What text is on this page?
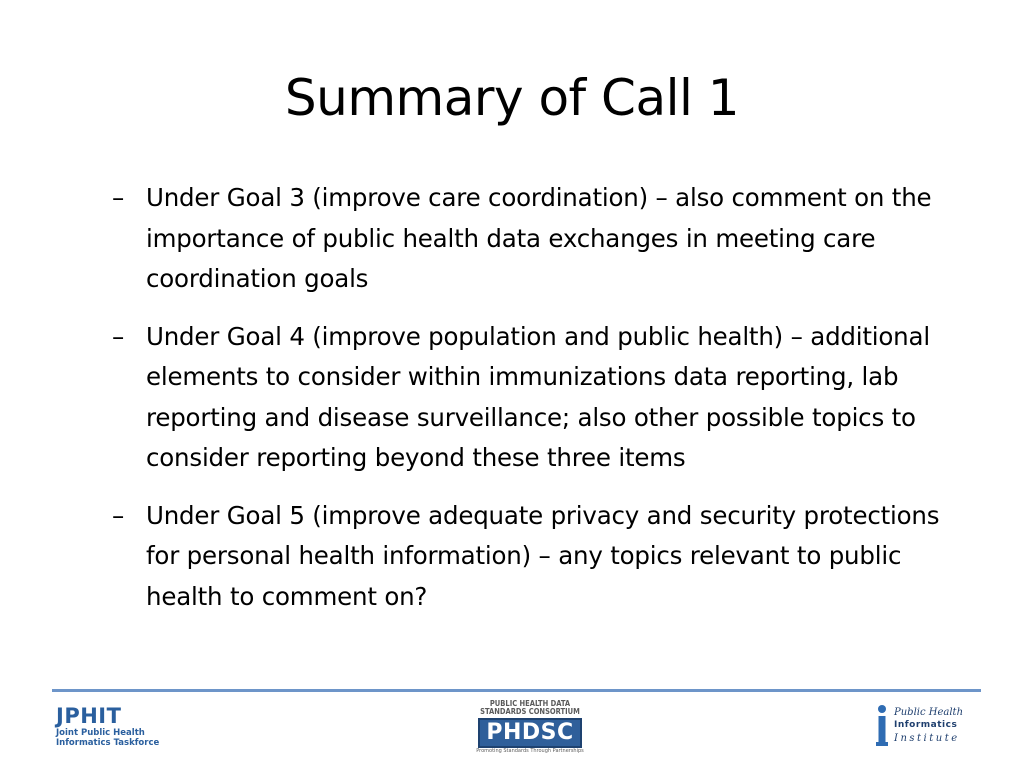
Summary of Call 1
– Under Goal 3 (improve care coordination) – also comment on the importance of public health data exchanges in meeting care coordination goals
– Under Goal 4 (improve population and public health) – additional elements to consider within immunizations data reporting, lab reporting and disease surveillance; also other possible topics to consider reporting beyond these three items
– Under Goal 5 (improve adequate privacy and security protections for personal health information) – any topics relevant to public health to comment on?
JPHIT
Joint Public Health
Informatics Taskforce
PUBLIC HEALTH DATA
STANDARDS CONSORTIUM
PHDSC
Promoting Standards Through Partnerships
Public Health
Informatics
Institute
